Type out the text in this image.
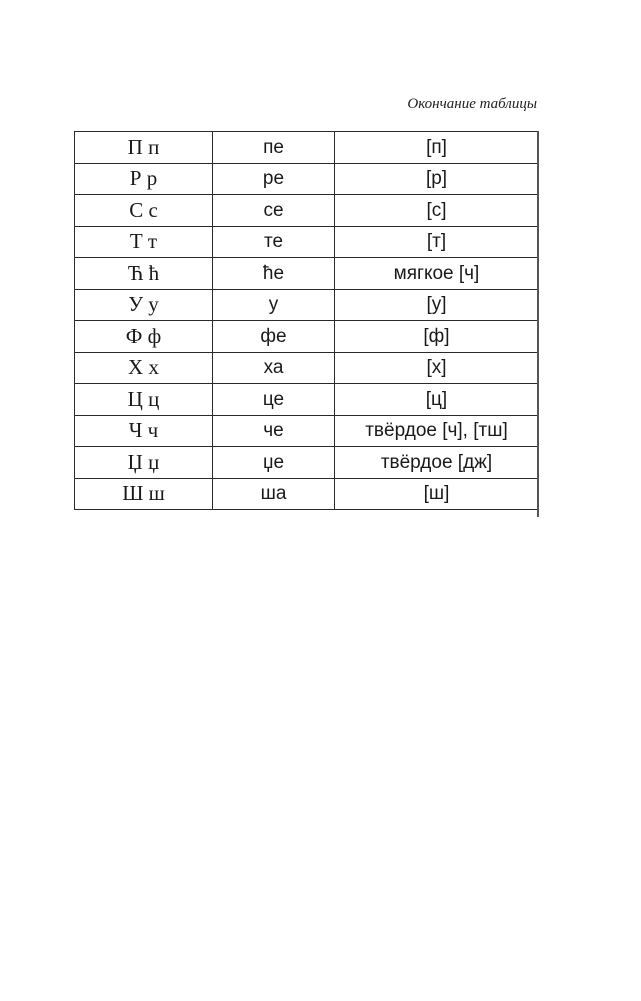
Окончание таблицы
П п	пе	[п]
Р р	ре	[р]
С с	се	[с]
Т т	те	[т]
Ћ ћ	ће	мягкое [ч]
У у	у	[у]
Ф ф	фе	[ф]
Х х	ха	[х]
Ц ц	це	[ц]
Ч ч	че	твёрдое [ч], [тш]
Џ џ	џе	твёрдое [дж]
Ш ш	ша	[ш]
